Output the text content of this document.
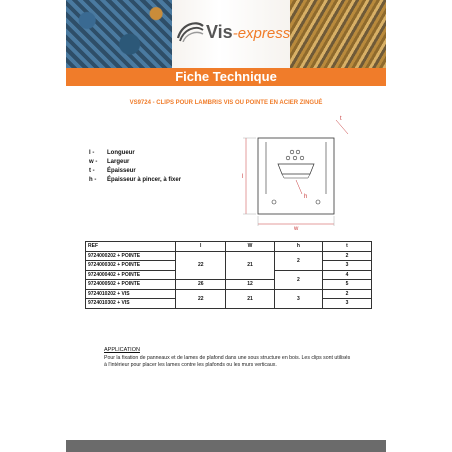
Vis-express
Fiche Technique
VS9724 - CLIPS POUR LAMBRIS VIS OU POINTE EN ACIER ZINGUÉ
l - Longueur
w - Largeur
t - Épaisseur
h - Épaisseur à pincer, à fixer	l
w
t
h
REF	l	W	h	t
9724000202 + POINTE	22	21	2	2
9724000302 + POINTE				3
9724000402 + POINTE			2	4
9724000502 + POINTE	26	12		5
9724010202 + VIS	22	21	3	2
9724010302 + VIS				3
APPLICATION
Pour la fixation de panneaux et de lames de plafond dans une sous structure en bois. Les clips sont utilisés à l'intérieur pour placer les lames contre les plafonds ou les murs verticaux.
